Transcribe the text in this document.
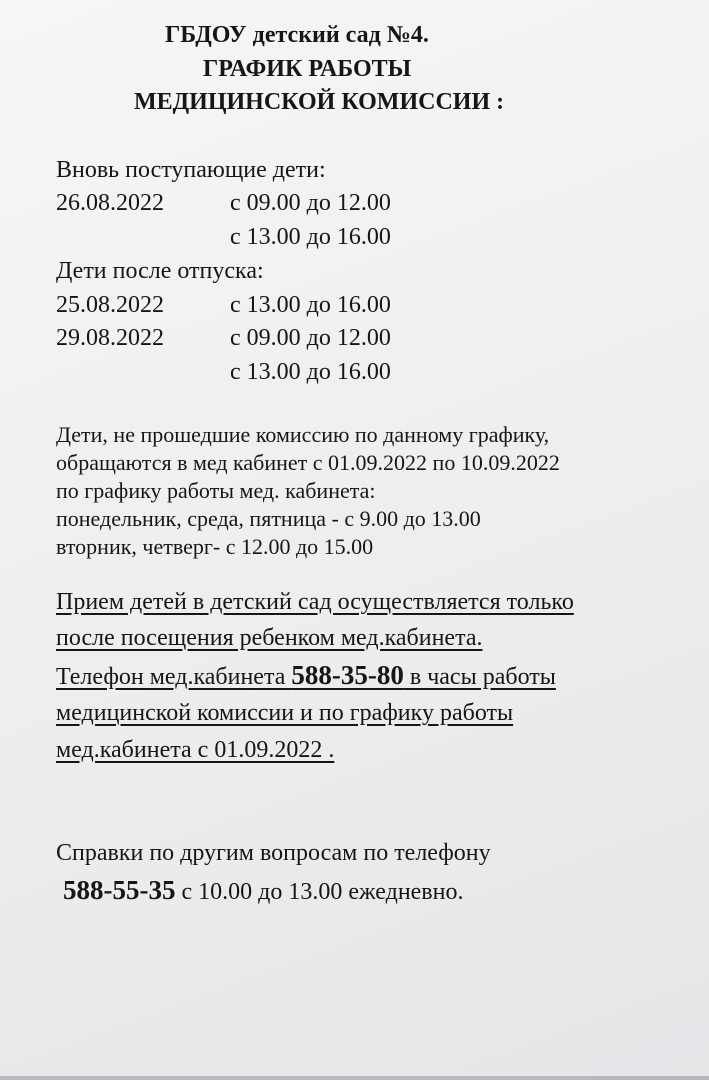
ГБДОУ детский сад №4.
ГРАФИК РАБОТЫ
МЕДИЦИНСКОЙ КОМИССИИ :
Вновь поступающие дети:
26.08.2022	с 09.00 до 12.00
с 13.00 до 16.00
Дети после отпуска:
25.08.2022	с 13.00 до 16.00
29.08.2022	с 09.00 до 12.00
с 13.00 до 16.00
Дети, не прошедшие комиссию по данному графику,
обращаются в мед кабинет с 01.09.2022 по 10.09.2022
по графику работы мед. кабинета:
понедельник, среда, пятница - с 9.00 до 13.00
вторник, четверг- с 12.00 до 15.00
Прием детей в детский сад осуществляется только
после посещения ребенком мед.кабинета.
Телефон мед.кабинета 588-35-80 в часы работы
медицинской комиссии и по графику работы
мед.кабинета с 01.09.2022 .
Справки по другим вопросам по телефону
588-55-35 с 10.00 до 13.00 ежедневно.
